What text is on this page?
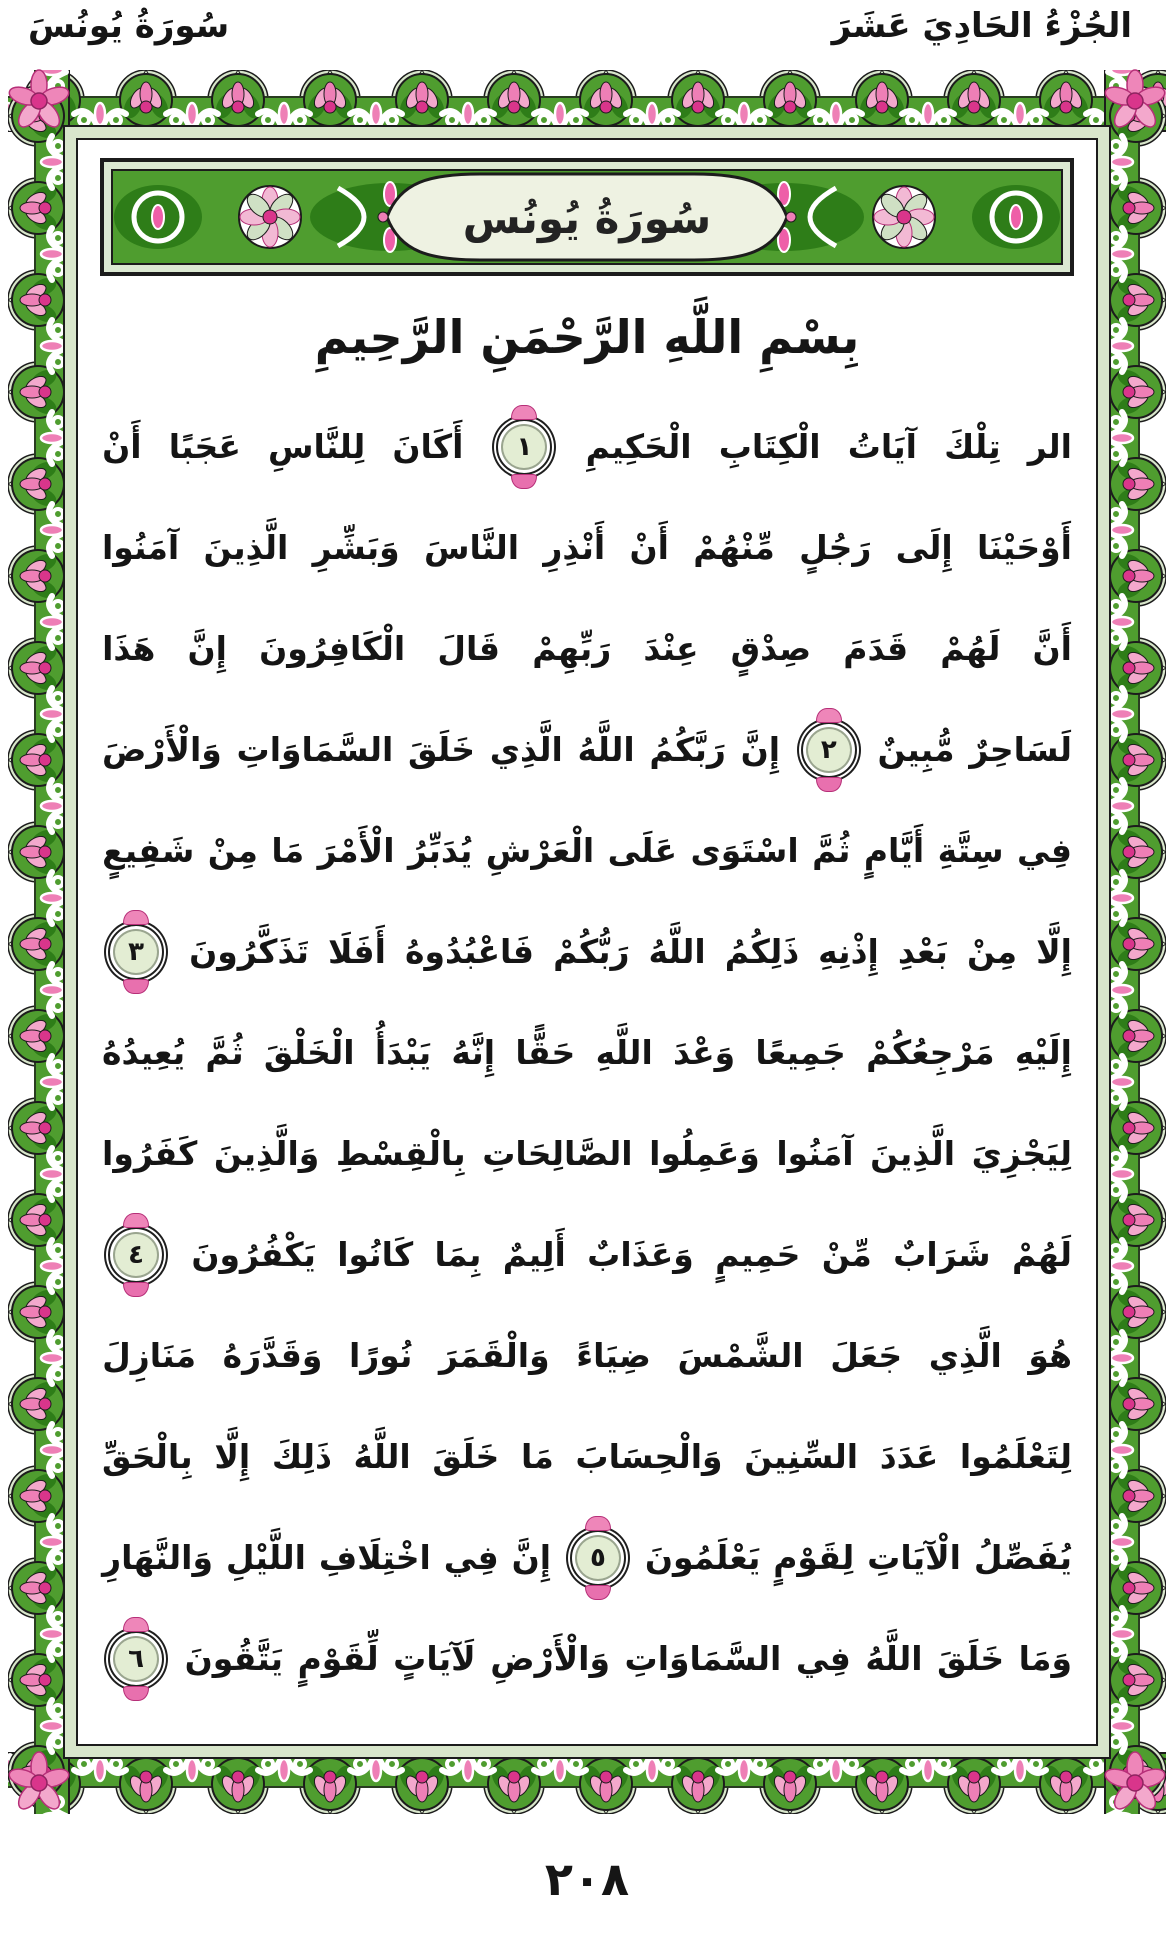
الجُزْءُ الحَادِيَ عَشَرَ
سُورَةُ يُونُسَ
سُورَةُ يُونُس
بِسْمِ اللَّهِ الرَّحْمَنِ الرَّحِيمِ
الر
تِلْكَ
آيَاتُ
الْكِتَابِ
الْحَكِيمِ
١
أَكَانَ
لِلنَّاسِ
عَجَبًا
أَنْ
أَوْحَيْنَا
إِلَى
رَجُلٍ
مِّنْهُمْ
أَنْ
أَنْذِرِ
النَّاسَ
وَبَشِّرِ
الَّذِينَ
آمَنُوا
أَنَّ
لَهُمْ
قَدَمَ
صِدْقٍ
عِنْدَ
رَبِّهِمْ
قَالَ
الْكَافِرُونَ
إِنَّ
هَذَا
لَسَاحِرٌ
مُّبِينٌ
٢
إِنَّ
رَبَّكُمُ
اللَّهُ
الَّذِي
خَلَقَ
السَّمَاوَاتِ
وَالْأَرْضَ
فِي
سِتَّةِ
أَيَّامٍ
ثُمَّ
اسْتَوَى
عَلَى
الْعَرْشِ
يُدَبِّرُ
الْأَمْرَ
مَا
مِنْ
شَفِيعٍ
إِلَّا
مِنْ
بَعْدِ
إِذْنِهِ
ذَلِكُمُ
اللَّهُ
رَبُّكُمْ
فَاعْبُدُوهُ
أَفَلَا
تَذَكَّرُونَ
٣
إِلَيْهِ
مَرْجِعُكُمْ
جَمِيعًا
وَعْدَ
اللَّهِ
حَقًّا
إِنَّهُ
يَبْدَأُ
الْخَلْقَ
ثُمَّ
يُعِيدُهُ
لِيَجْزِيَ
الَّذِينَ
آمَنُوا
وَعَمِلُوا
الصَّالِحَاتِ
بِالْقِسْطِ
وَالَّذِينَ
كَفَرُوا
لَهُمْ
شَرَابٌ
مِّنْ
حَمِيمٍ
وَعَذَابٌ
أَلِيمٌ
بِمَا
كَانُوا
يَكْفُرُونَ
٤
هُوَ
الَّذِي
جَعَلَ
الشَّمْسَ
ضِيَاءً
وَالْقَمَرَ
نُورًا
وَقَدَّرَهُ
مَنَازِلَ
لِتَعْلَمُوا
عَدَدَ
السِّنِينَ
وَالْحِسَابَ
مَا
خَلَقَ
اللَّهُ
ذَلِكَ
إِلَّا
بِالْحَقِّ
يُفَصِّلُ
الْآيَاتِ
لِقَوْمٍ
يَعْلَمُونَ
٥
إِنَّ
فِي
اخْتِلَافِ
اللَّيْلِ
وَالنَّهَارِ
وَمَا
خَلَقَ
اللَّهُ
فِي
السَّمَاوَاتِ
وَالْأَرْضِ
لَآيَاتٍ
لِّقَوْمٍ
يَتَّقُونَ
٦
٢٠٨
